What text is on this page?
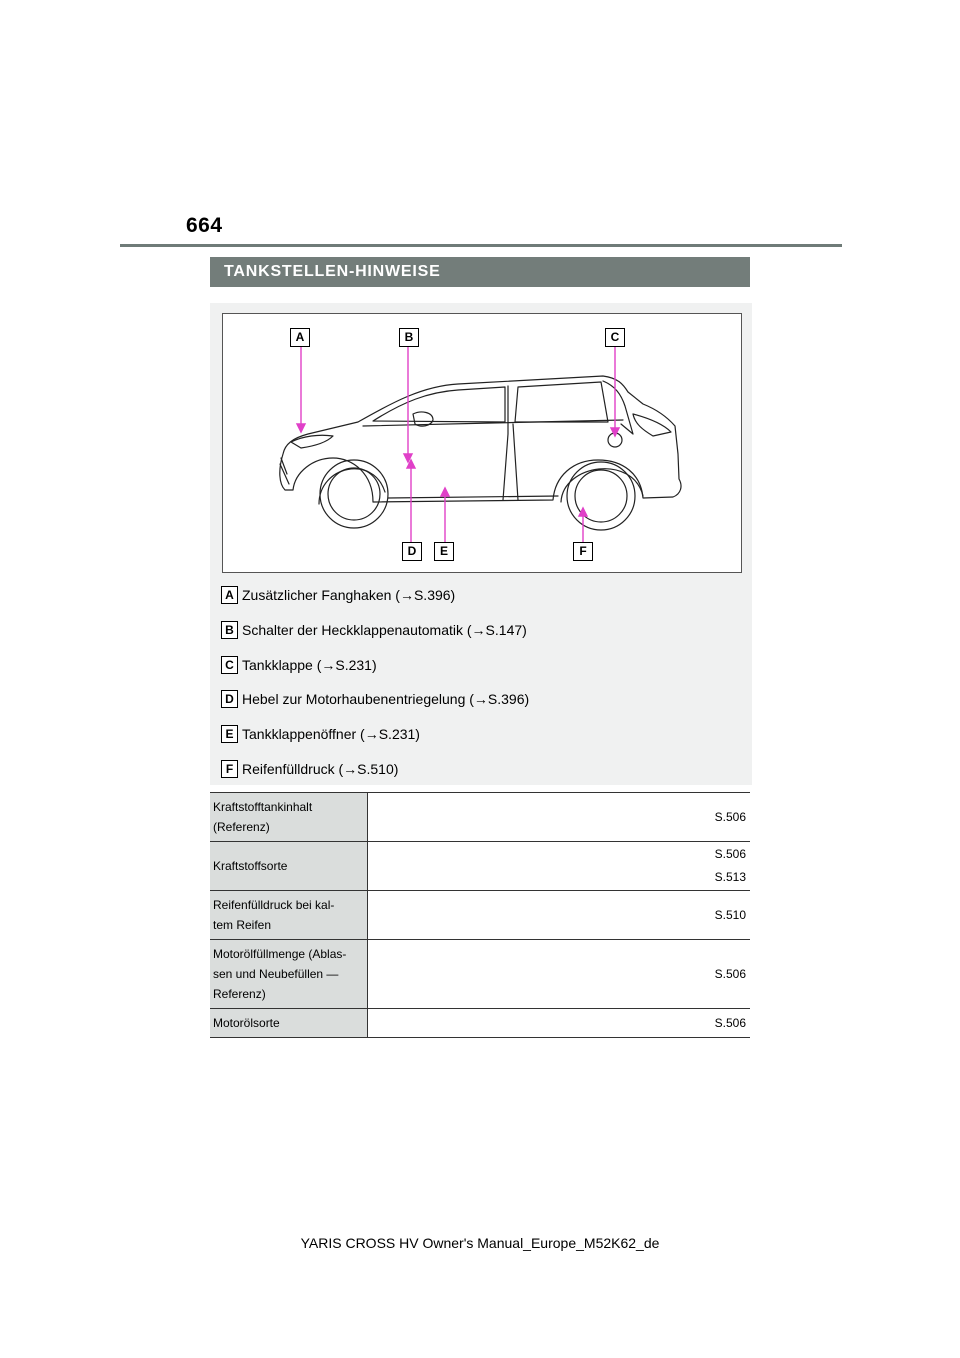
664
TANKSTELLEN-HINWEISE
A	B	C
D	E	F
A Zusätzlicher Fanghaken (→S.396)
B Schalter der Heckklappenautomatik (→S.147)
C Tankklappe (→S.231)
D Hebel zur Motorhaubenentriegelung (→S.396)
E Tankklappenöffner (→S.231)
F Reifenfülldruck (→S.510)
Kraftstofftankinhalt
(Referenz)	S.506

Kraftstoffsorte	S.506
S.513

Reifenfülldruck bei kal-
tem Reifen	S.510

Motorölfüllmenge (Ablas-
sen und Neubefüllen —
Referenz)	S.506

Motorölsorte	S.506
YARIS CROSS HV Owner's Manual_Europe_M52K62_de
